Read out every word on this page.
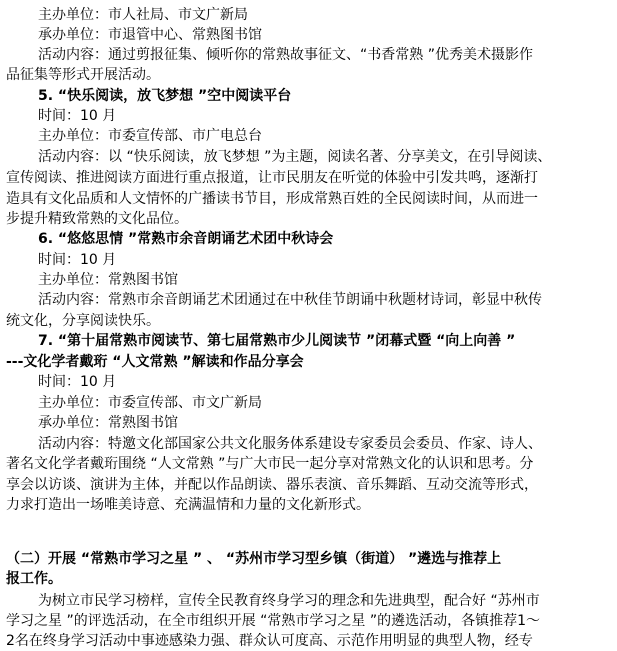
主办单位：市人社局、市文广新局
承办单位：市退管中心、常熟图书馆
活动内容：通过剪报征集、倾听你的常熟故事征文、“书香常熟 ”优秀美术摄影作
品征集等形式开展活动。
5. “快乐阅读，放飞梦想 ”空中阅读平台
时间：10 月
主办单位：市委宣传部、市广电总台
活动内容：以 “快乐阅读，放飞梦想 ”为主题，阅读名著、分享美文，在引导阅读、
宣传阅读、推进阅读方面进行重点报道，让市民朋友在听觉的体验中引发共鸣，逐渐打
造具有文化品质和人文情怀的广播读书节目，形成常熟百姓的全民阅读时间，从而进一
步提升精致常熟的文化品位。
6. “悠悠思情 ”常熟市余音朗诵艺术团中秋诗会
时间：10 月
主办单位：常熟图书馆
活动内容：常熟市余音朗诵艺术团通过在中秋佳节朗诵中秋题材诗词，彰显中秋传
统文化，分享阅读快乐。
7. “第十届常熟市阅读节、第七届常熟市少儿阅读节 ”闭幕式暨 “向上向善 ”
---文化学者戴珩 “人文常熟 ”解读和作品分享会
时间：10 月
主办单位：市委宣传部、市文广新局
承办单位：常熟图书馆
活动内容：特邀文化部国家公共文化服务体系建设专家委员会委员、作家、诗人、
著名文化学者戴珩围绕 “人文常熟 ”与广大市民一起分享对常熟文化的认识和思考。分
享会以访谈、演讲为主体，并配以作品朗读、器乐表演、音乐舞蹈、互动交流等形式，
力求打造出一场唯美诗意、充满温情和力量的文化新形式。
（二）开展 “常熟市学习之星 ” 、 “苏州市学习型乡镇（街道） ”遴选与推荐上
报工作。
为树立市民学习榜样，宣传全民教育终身学习的理念和先进典型，配合好 “苏州市
学习之星 ”的评选活动，在全市组织开展 “常熟市学习之星 ”的遴选活动，各镇推荐1～
2名在终身学习活动中事迹感染力强、群众认可度高、示范作用明显的典型人物，经专
